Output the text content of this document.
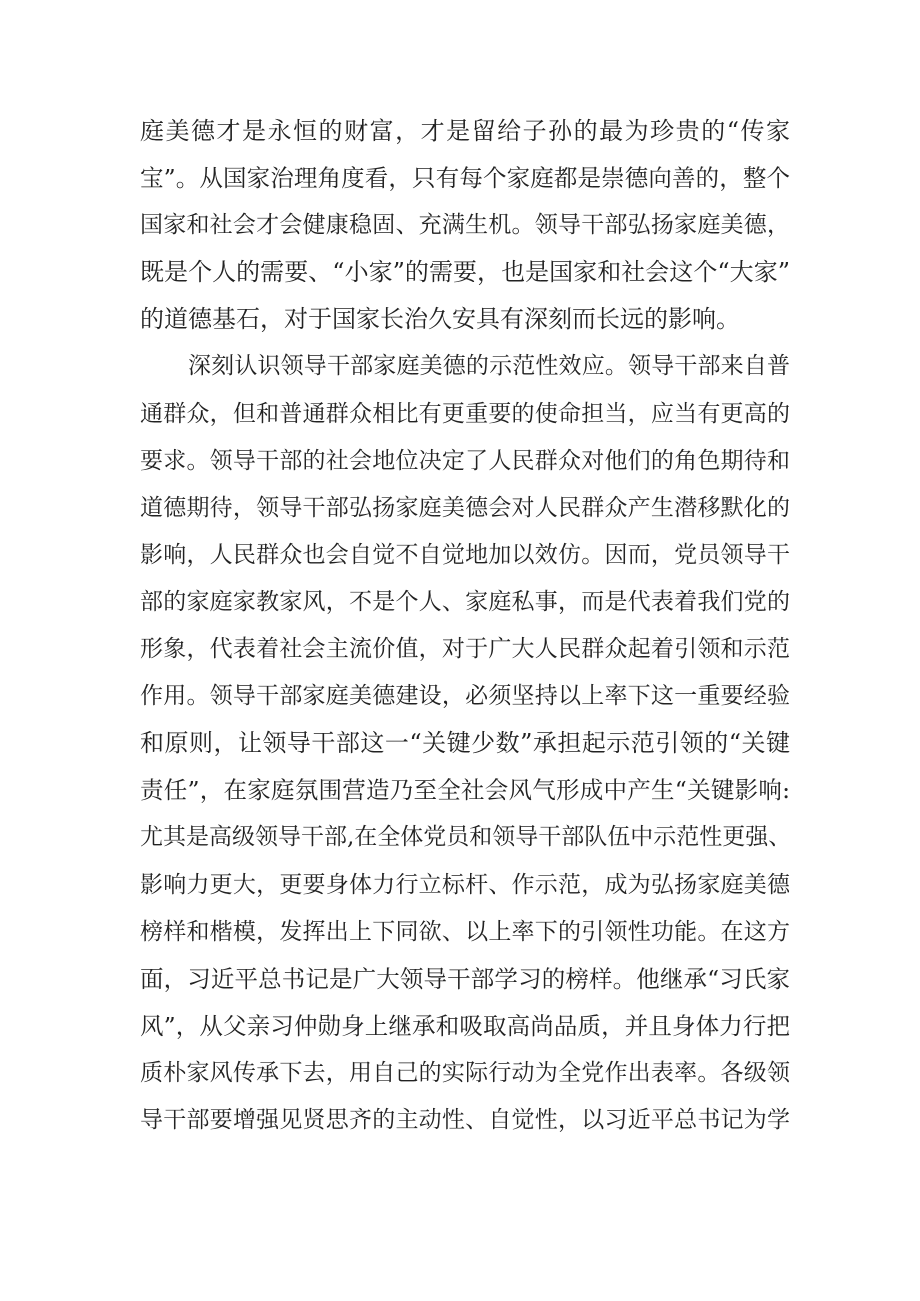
庭美德才是永恒的财富，才是留给子孙的最为珍贵的“传家
宝”。从国家治理角度看，只有每个家庭都是崇德向善的，整个
国家和社会才会健康稳固、充满生机。领导干部弘扬家庭美德，
既是个人的需要、“小家”的需要，也是国家和社会这个“大家”
的道德基石，对于国家长治久安具有深刻而长远的影响。
深刻认识领导干部家庭美德的示范性效应。领导干部来自普
通群众，但和普通群众相比有更重要的使命担当，应当有更高的
要求。领导干部的社会地位决定了人民群众对他们的角色期待和
道德期待，领导干部弘扬家庭美德会对人民群众产生潜移默化的
影响，人民群众也会自觉不自觉地加以效仿。因而，党员领导干
部的家庭家教家风，不是个人、家庭私事，而是代表着我们党的
形象，代表着社会主流价值，对于广大人民群众起着引领和示范
作用。领导干部家庭美德建设，必须坚持以上率下这一重要经验
和原则，让领导干部这一“关键少数”承担起示范引领的“关键
责任”，在家庭氛围营造乃至全社会风气形成中产生“关键影响:
尤其是高级领导干部,在全体党员和领导干部队伍中示范性更强、
影响力更大，更要身体力行立标杆、作示范，成为弘扬家庭美德
榜样和楷模，发挥出上下同欲、以上率下的引领性功能。在这方
面，习近平总书记是广大领导干部学习的榜样。他继承“习氏家
风”，从父亲习仲勋身上继承和吸取高尚品质，并且身体力行把
质朴家风传承下去，用自己的实际行动为全党作出表率。各级领
导干部要增强见贤思齐的主动性、自觉性，以习近平总书记为学
